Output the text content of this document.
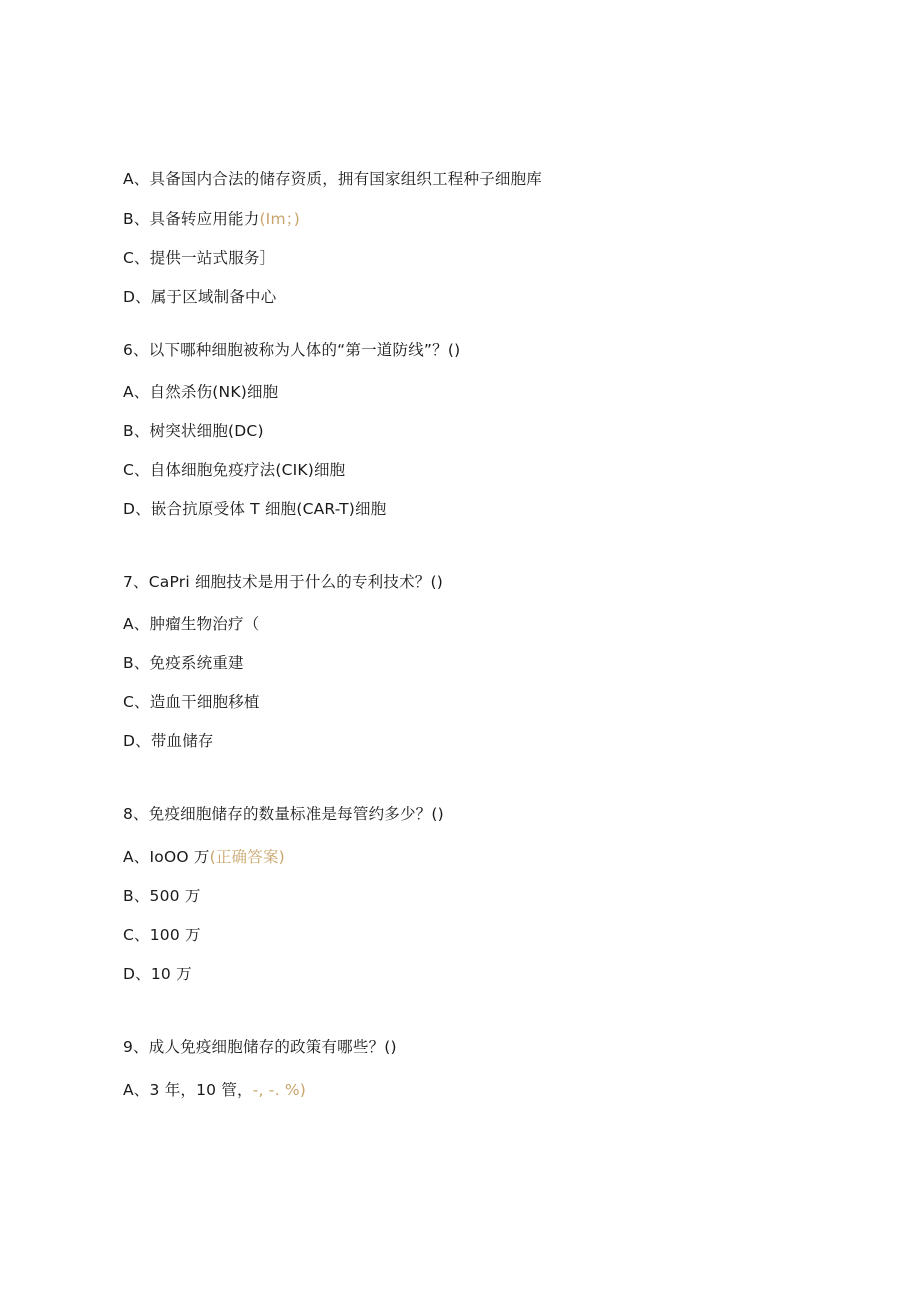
A、具备国内合法的储存资质，拥有国家组织工程种子细胞库
B、具备转应用能力(Im；)
C、提供一站式服务］
D、属于区域制备中心
6、以下哪种细胞被称为人体的“第一道防线”？()
A、自然杀伤(NK)细胞
B、树突状细胞(DC)
C、自体细胞免疫疗法(CIK)细胞
D、嵌合抗原受体 T 细胞(CAR-T)细胞
7、CaPri 细胞技术是用于什么的专利技术？()
A、肿瘤生物治疗（
B、免疫系统重建
C、造血干细胞移植
D、带血储存
8、免疫细胞储存的数量标准是每管约多少？()
A、IoOO 万(正确答案)
B、500 万
C、100 万
D、10 万
9、成人免疫细胞储存的政策有哪些？()
A、3 年，10 管，-, -. %)
